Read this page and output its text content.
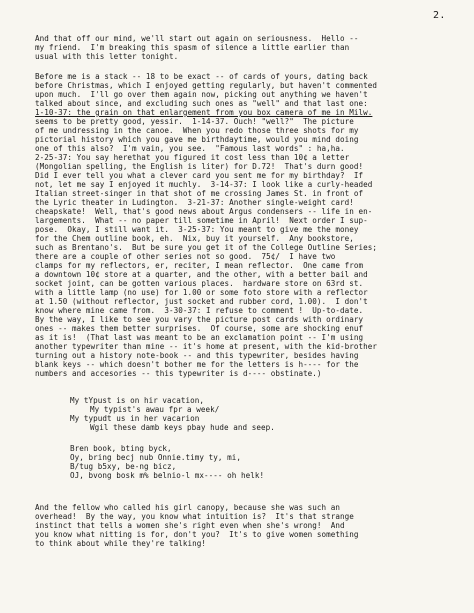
2.
And that off our mind, we'll start out again on seriousness.  Hello --
my friend.  I'm breaking this spasm of silence a little earlier than
usual with this letter tonight.
Before me is a stack -- 18 to be exact -- of cards of yours, dating back
before Christmas, which I enjoyed getting regularly, but haven't commented
upon much.  I'll go over them again now, picking out anything we haven't
talked about since, and excluding such ones as "well" and that last one:
1-10-37: the grain on that enlargement from you box camera of me in Milw.
seems to be pretty good, yessir.  1-14-37. Ouch! "well?"  The picture
of me undressing in the canoe.  When you redo those three shots for my
pictorial history which you gave me birthdaytime, would you mind doing
one of this also?  I'm vain, you see.  "Famous last words" : ha,ha.
2-25-37: You say herethat you figured it cost less than 10¢ a letter
(Mongolian spelling, the English is liter) for D.72!  That's durn good!
Did I ever tell you what a clever card you sent me for my birthday?  If
not, let me say I enjoyed it muchly.  3-14-37: I look like a curly-headed
Italian street-singer in that shot of me crossing James St. in front of
the Lyric theater in Ludington.  3-21-37: Another single-weight card!
cheapskate!  Well, that's good news about Argus condensers -- life in en-
largements.  What -- no paper till sometime in April!  Next order I sup-
pose.  Okay, I still want it.  3-25-37: You meant to give me the money
for the Chem outline book, eh.  Nix, buy it yourself.  Any bookstore,
such as Brentano's.  But be sure you get it of the College Outline Series;
there are a couple of other series not so good.  75¢/  I have two
clamps for my reflectors, er, reciter, I mean reflector.  One came from
a downtown 10¢ store at a quarter, and the other, with a better bail and
socket joint, can be gotten various places.  hardware store on 63rd st.
with a little lamp (no use) for 1.00 or some foto store with a reflector
at 1.50 (without reflector, just socket and rubber cord, 1.00).  I don't
know where mine came from.  3-30-37: I refuse to comment !  Up-to-date.
By the way, I like to see you vary the picture post cards with ordinary
ones -- makes them better surprises.  Of course, some are shocking enuf
as it is!  (That last was meant to be an exclamation point -- I'm using
another typewriter than mine -- it's home at present, with the kid-brother
turning out a history note-book -- and this typewriter, besides having
blank keys -- which doesn't bother me for the letters is h---- for the
numbers and accesories -- this typewriter is d---- obstinate.)
My tYpust is on hir vacation,
My typist's awau fpr a week/
My typudt us in her vacarion
Wgil these damb keys pbay hude and seep.
Bren book, bting byck,
Oy, bring becj nub Onnie.timy ty, mi,
B/tug b5xy, be-ng bicz,
OJ, bvong bosk m% belnio-l mx---- oh helk!
And the fellow who called his girl canopy, because she was such an
overhead!  By the way, you know what intuition is?  It's that strange
instinct that tells a women she's right even when she's wrong!  And
you know what nitting is for, don't you?  It's to give women something
to think about while they're talking!
